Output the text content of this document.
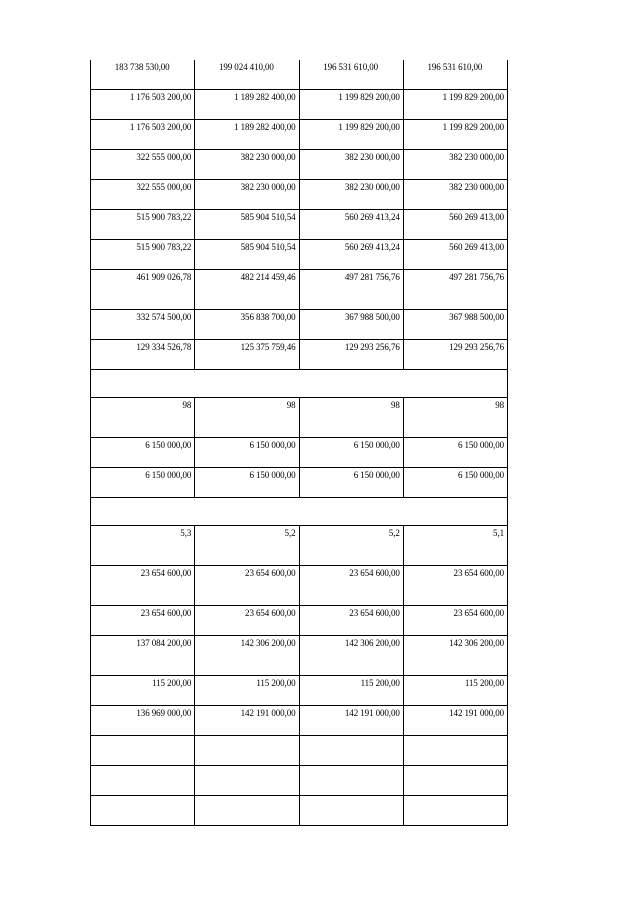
183 738 530,00	199 024 410,00	196 531 610,00	196 531 610,00
1 176 503 200,00	1 189 282 400,00	1 199 829 200,00	1 199 829 200,00
1 176 503 200,00	1 189 282 400,00	1 199 829 200,00	1 199 829 200,00
322 555 000,00	382 230 000,00	382 230 000,00	382 230 000,00
322 555 000,00	382 230 000,00	382 230 000,00	382 230 000,00
515 900 783,22	585 904 510,54	560 269 413,24	560 269 413,00
515 900 783,22	585 904 510,54	560 269 413,24	560 269 413,00
461 909 026,78	482 214 459,46	497 281 756,76	497 281 756,76
332 574 500,00	356 838 700,00	367 988 500,00	367 988 500,00
129 334 526,78	125 375 759,46	129 293 256,76	129 293 256,76

98	98	98	98
6 150 000,00	6 150 000,00	6 150 000,00	6 150 000,00
6 150 000,00	6 150 000,00	6 150 000,00	6 150 000,00

5,3	5,2	5,2	5,1
23 654 600,00	23 654 600,00	23 654 600,00	23 654 600,00
23 654 600,00	23 654 600,00	23 654 600,00	23 654 600,00
137 084 200,00	142 306 200,00	142 306 200,00	142 306 200,00
115 200,00	115 200,00	115 200,00	115 200,00
136 969 000,00	142 191 000,00	142 191 000,00	142 191 000,00
